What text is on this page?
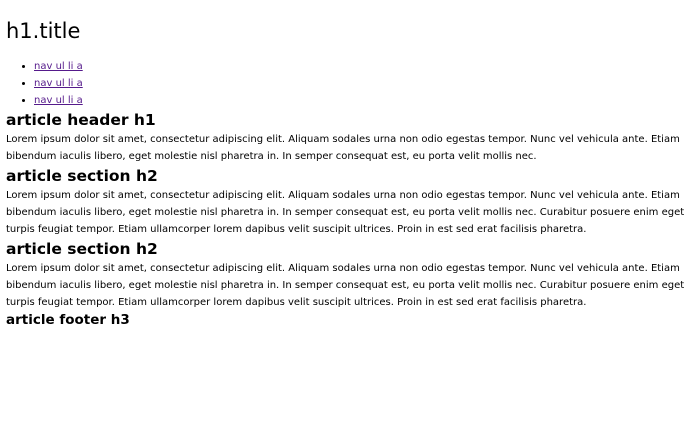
h1.title
• nav ul li a
• nav ul li a
• nav ul li a
article header h1

Lorem ipsum dolor sit amet, consectetur adipiscing elit. Aliquam sodales urna non odio egestas tempor. Nunc vel vehicula ante. Etiam bibendum iaculis libero, eget molestie nisl pharetra in. In semper consequat est, eu porta velit mollis nec.

article section h2

Lorem ipsum dolor sit amet, consectetur adipiscing elit. Aliquam sodales urna non odio egestas tempor. Nunc vel vehicula ante. Etiam bibendum iaculis libero, eget molestie nisl pharetra in. In semper consequat est, eu porta velit mollis nec. Curabitur posuere enim eget turpis feugiat tempor. Etiam ullamcorper lorem dapibus velit suscipit ultrices. Proin in est sed erat facilisis pharetra.

article section h2

Lorem ipsum dolor sit amet, consectetur adipiscing elit. Aliquam sodales urna non odio egestas tempor. Nunc vel vehicula ante. Etiam bibendum iaculis libero, eget molestie nisl pharetra in. In semper consequat est, eu porta velit mollis nec. Curabitur posuere enim eget turpis feugiat tempor. Etiam ullamcorper lorem dapibus velit suscipit ultrices. Proin in est sed erat facilisis pharetra.

article footer h3
